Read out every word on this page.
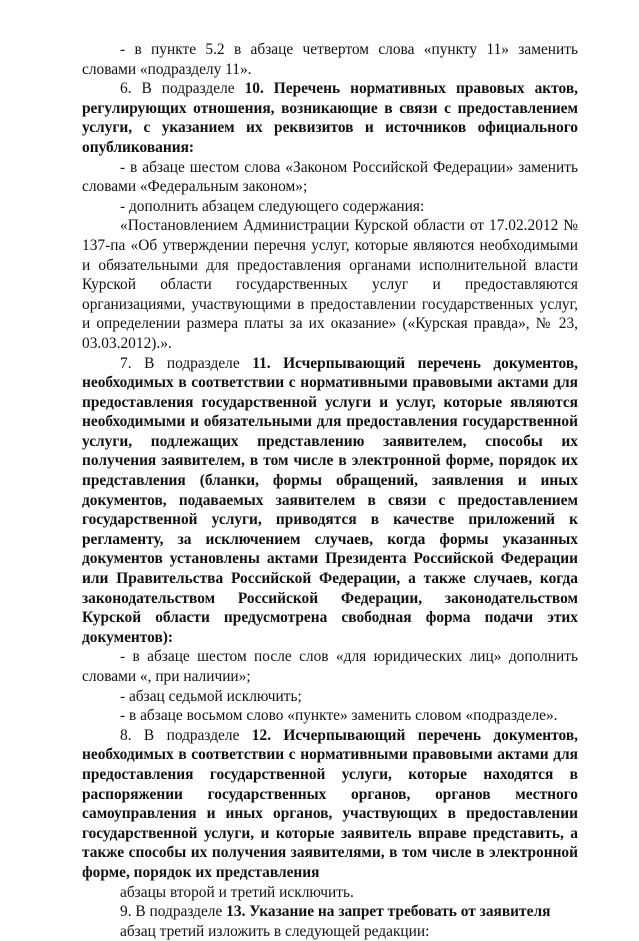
- в пункте 5.2 в абзаце четвертом слова «пункту 11» заменить словами «подразделу 11».

6. В подразделе 10. Перечень нормативных правовых актов, регулирующих отношения, возникающие в связи с предоставлением услуги, с указанием их реквизитов и источников официального опубликования:

- в абзаце шестом слова «Законом Российской Федерации» заменить словами «Федеральным законом»;

- дополнить абзацем следующего содержания:

«Постановлением Администрации Курской области от 17.02.2012 № 137-па «Об утверждении перечня услуг, которые являются необходимыми и обязательными для предоставления органами исполнительной власти Курской области государственных услуг и предоставляются организациями, участвующими в предоставлении государственных услуг, и определении размера платы за их оказание» («Курская правда», № 23, 03.03.2012).».

7. В подразделе 11. Исчерпывающий перечень документов, необходимых в соответствии с нормативными правовыми актами для предоставления государственной услуги и услуг, которые являются необходимыми и обязательными для предоставления государственной услуги, подлежащих представлению заявителем, способы их получения заявителем, в том числе в электронной форме, порядок их представления (бланки, формы обращений, заявления и иных документов, подаваемых заявителем в связи с предоставлением государственной услуги, приводятся в качестве приложений к регламенту, за исключением случаев, когда формы указанных документов установлены актами Президента Российской Федерации или Правительства Российской Федерации, а также случаев, когда законодательством Российской Федерации, законодательством Курской области предусмотрена свободная форма подачи этих документов):

- в абзаце шестом после слов «для юридических лиц» дополнить словами «, при наличии»;

- абзац седьмой исключить;

- в абзаце восьмом слово «пункте» заменить словом «подразделе».

8. В подразделе 12. Исчерпывающий перечень документов, необходимых в соответствии с нормативными правовыми актами для предоставления государственной услуги, которые находятся в распоряжении государственных органов, органов местного самоуправления и иных органов, участвующих в предоставлении государственной услуги, и которые заявитель вправе представить, а также способы их получения заявителями, в том числе в электронной форме, порядок их представления

абзацы второй и третий исключить.

9. В подразделе 13. Указание на запрет требовать от заявителя

абзац третий изложить в следующей редакции:
